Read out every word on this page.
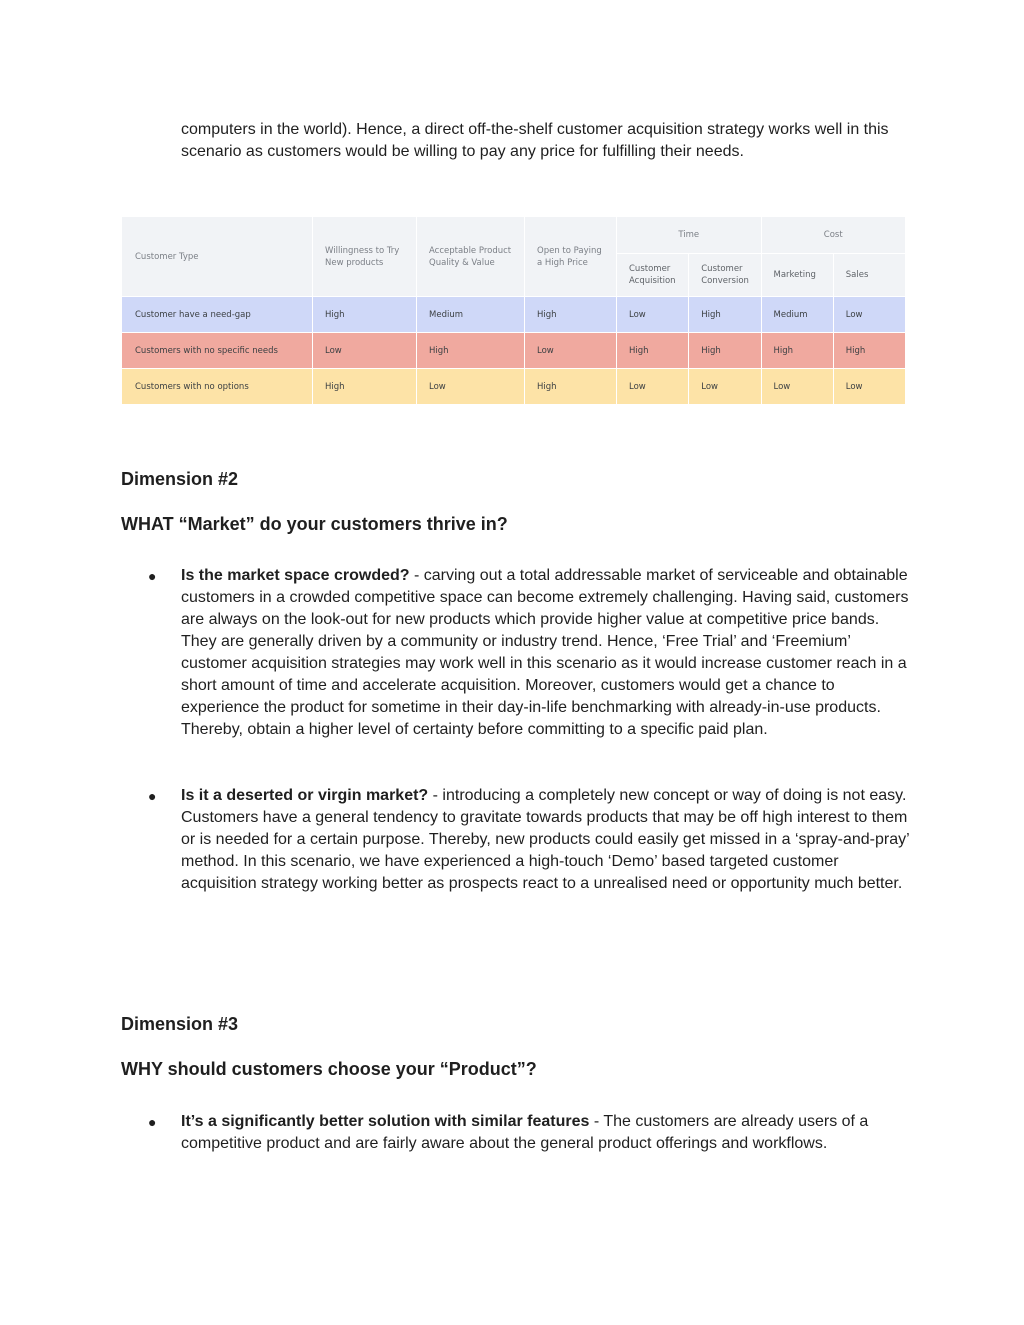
computers in the world). Hence, a direct off-the-shelf customer acquisition strategy works well in this scenario as customers would be willing to pay any price for fulfilling their needs.

Customer Type	Willingness to Try New products	Acceptable Product Quality & Value	Open to Paying a High Price	Time		Cost	
				Customer Acquisition	Customer Conversion	Marketing	Sales
Customer have a need-gap	High	Medium	High	Low	High	Medium	Low
Customers with no specific needs	Low	High	Low	High	High	High	High
Customers with no options	High	Low	High	Low	Low	Low	Low
Dimension #2
WHAT “Market” do your customers thrive in?
●	Is the market space crowded? - carving out a total addressable market of serviceable and obtainable customers in a crowded competitive space can become extremely challenging. Having said, customers are always on the look-out for new products which provide higher value at competitive price bands. They are generally driven by a community or industry trend. Hence, ‘Free Trial’ and ‘Freemium’ customer acquisition strategies may work well in this scenario as it would increase customer reach in a short amount of time and accelerate acquisition. Moreover, customers would get a chance to experience the product for sometime in their day-in-life benchmarking with already-in-use products. Thereby, obtain a higher level of certainty before committing to a specific paid plan.
●	Is it a deserted or virgin market? - introducing a completely new concept or way of doing is not easy. Customers have a general tendency to gravitate towards products that may be off high interest to them or is needed for a certain purpose. Thereby, new products could easily get missed in a ‘spray-and-pray’ method. In this scenario, we have experienced a high-touch ‘Demo’ based targeted customer acquisition strategy working better as prospects react to a unrealised need or opportunity much better.
Dimension #3
WHY should customers choose your “Product”?
●	It’s a significantly better solution with similar features - The customers are already users of a competitive product and are fairly aware about the general product offerings and workflows.
